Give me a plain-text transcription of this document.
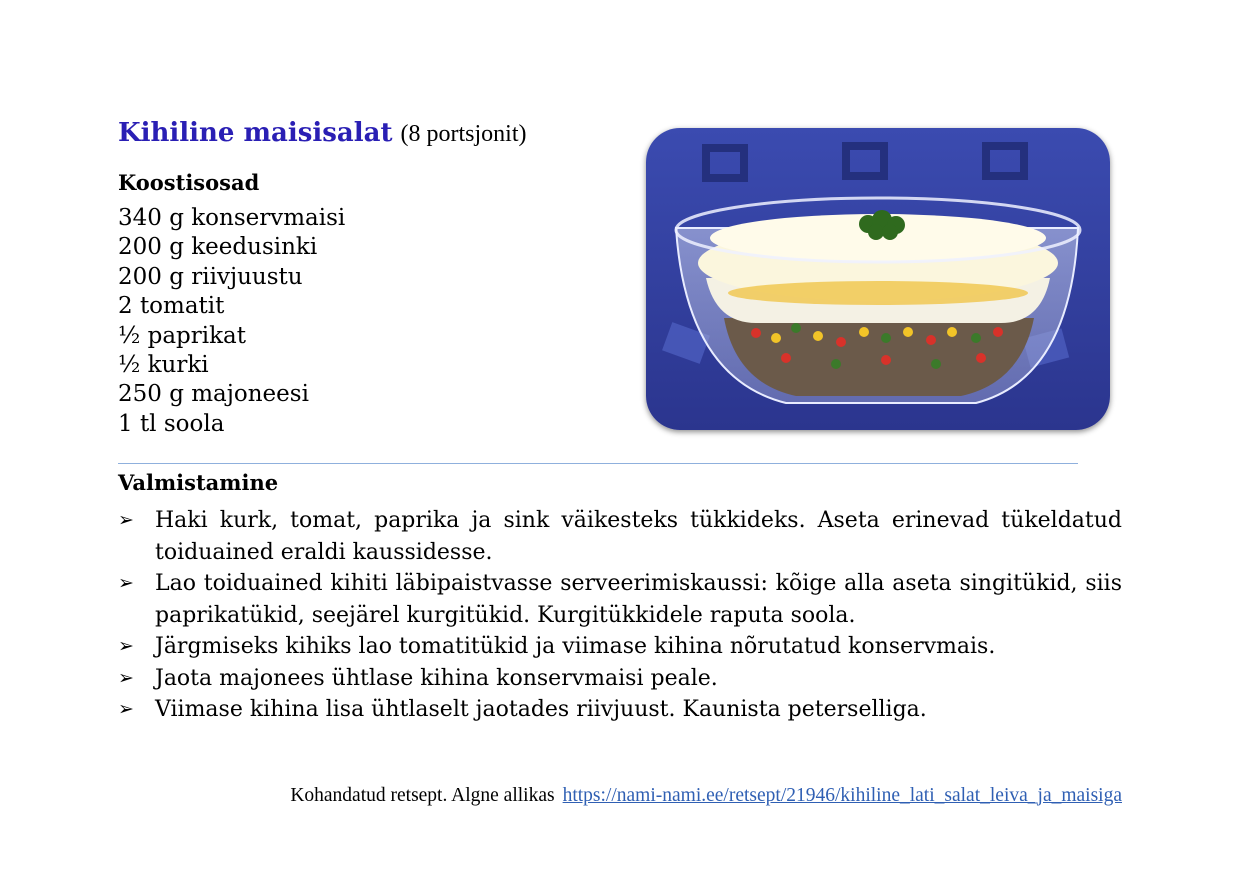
Kihiline maisisalat (8 portsjonit)
Koostisosad
340 g konservmaisi
200 g keedusinki
200 g riivjuustu
2 tomatit
½ paprikat
½ kurki
250 g majoneesi
1 tl soola
Valmistamine
➢ Haki kurk, tomat, paprika ja sink väikesteks tükkideks. Aseta erinevad tükeldatud toiduained eraldi kaussidesse.
➢ Lao toiduained kihiti läbipaistvasse serveerimiskaussi: kõige alla aseta singitükid, siis paprikatükid, seejärel kurgitükid. Kurgitükkidele raputa soola.
➢ Järgmiseks kihiks lao tomatitükid ja viimase kihina nõrutatud konservmais.
➢ Jaota majonees ühtlase kihina konservmaisi peale.
➢ Viimase kihina lisa ühtlaselt jaotades riivjuust. Kaunista peterselliga.
Kohandatud retsept. Algne allikas https://nami-nami.ee/retsept/21946/kihiline_lati_salat_leiva_ja_maisiga
